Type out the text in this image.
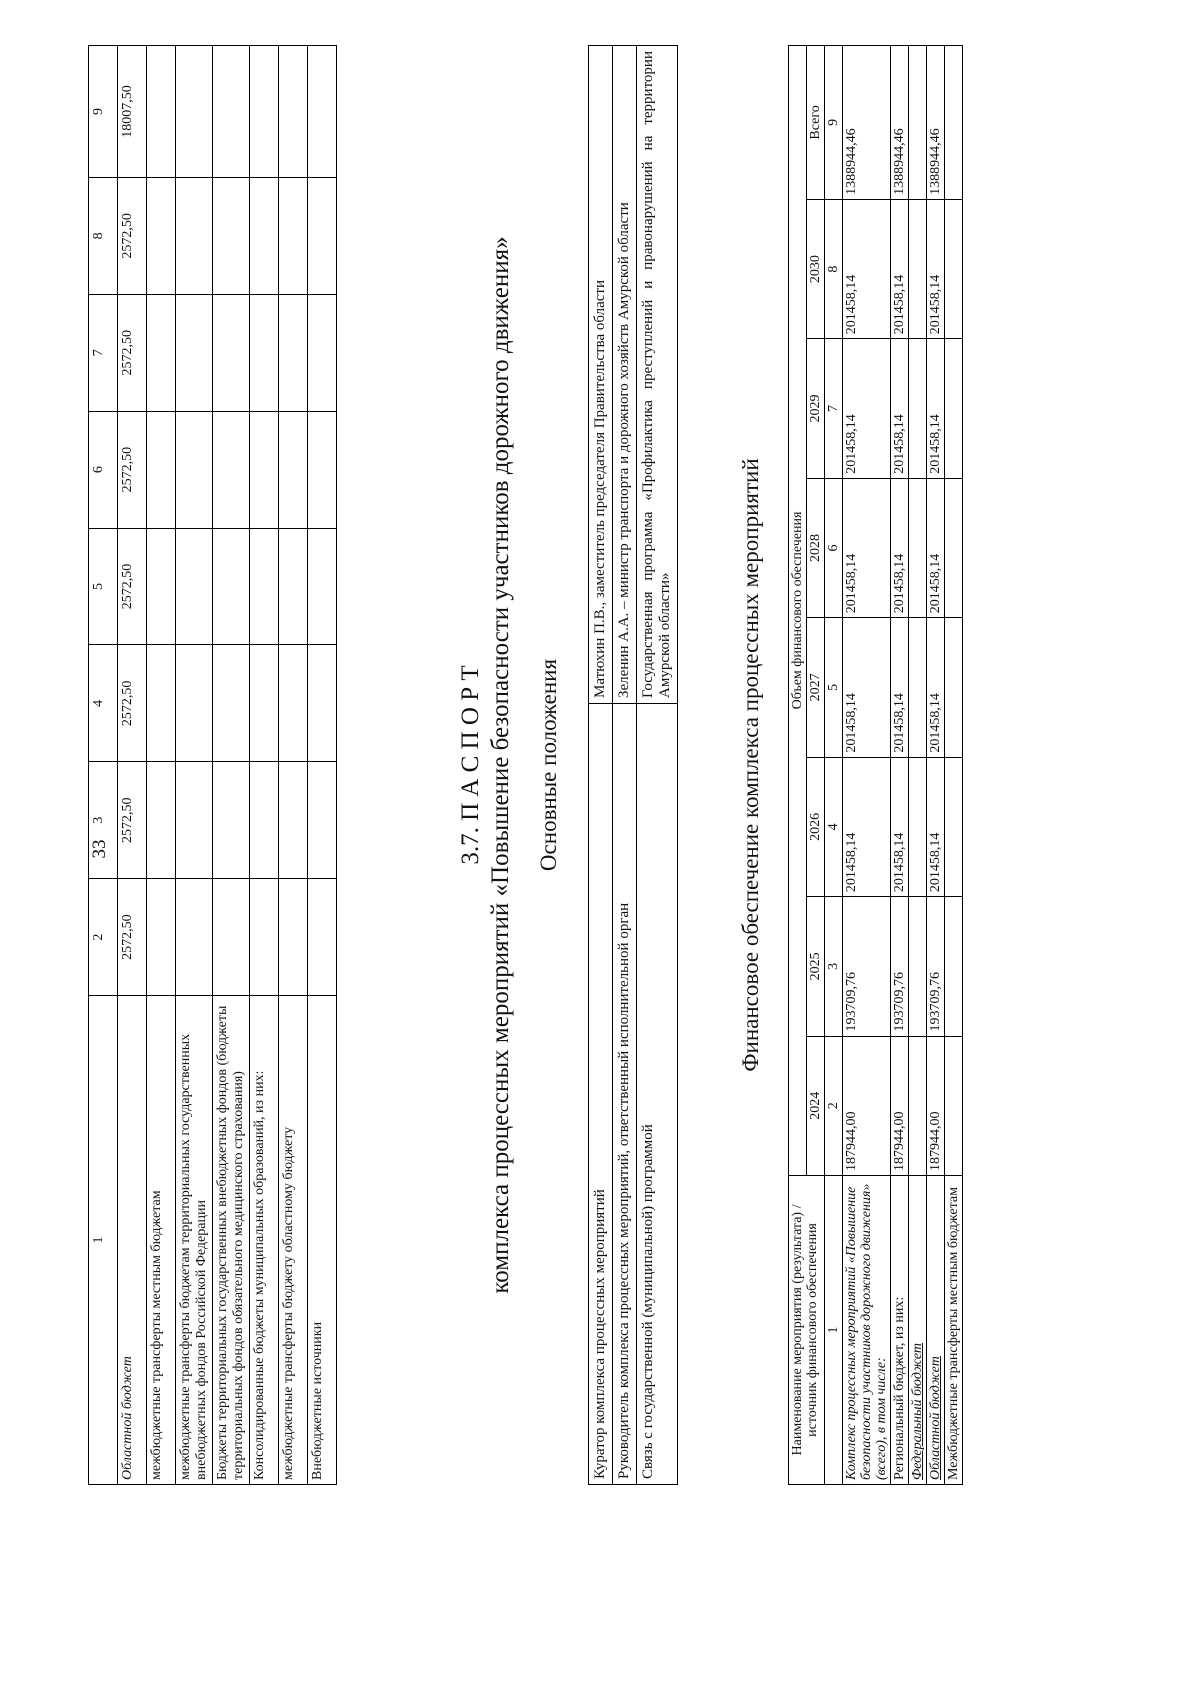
33
1	2	3	4	5	6	7	8	9
Областной бюджет	2572,50	2572,50	2572,50	2572,50	2572,50	2572,50	2572,50	18007,50
межбюджетные трансферты местным бюджетам								
межбюджетные трансферты бюджетам территориальных государственных внебюджетных фондов Российской Федерации								
Бюджеты территориальных государственных внебюджетных фондов (бюджеты территориальных фондов обязательного медицинского страхования)								
Консолидированные бюджеты муниципальных образований, из них:								
межбюджетные трансферты бюджету областному бюджету								
Внебюджетные источники								
3.7. П А С П О Р Т комплекса процессных мероприятий «Повышение безопасности участников дорожного движения» Основные положения
Куратор комплекса процессных мероприятий	Матюхин П.В., заместитель председателя Правительства области
Руководитель комплекса процессных мероприятий, ответственный исполнительной орган	Зеленин А.А. – министр транспорта и дорожного хозяйств Амурской области
Связь с государственной (муниципальной) программой	Государственная программа «Профилактика преступлений и правонарушений на территории Амурской области»	Финансовое обеспечение комплекса процессных мероприятий
Наименование мероприятия (результата) / источник финансового обеспечения	Объем финансового обеспечения							
	2024	2025	2026	2027	2028	2029	2030	Всего
1	2	3	4	5	6	7	8	9
Комплекс процессных мероприятий «Повышение безопасности участников дорожного движения» (всего), в том числе:	187944,00	193709,76	201458,14	201458,14	201458,14	201458,14	201458,14	1388944,46
Региональный бюджет, из них:	187944,00	193709,76	201458,14	201458,14	201458,14	201458,14	201458,14	1388944,46
Федеральный бюджет								
Областной бюджет	187944,00	193709,76	201458,14	201458,14	201458,14	201458,14	201458,14	1388944,46
Межбюджетные трансферты местным бюджетам								
